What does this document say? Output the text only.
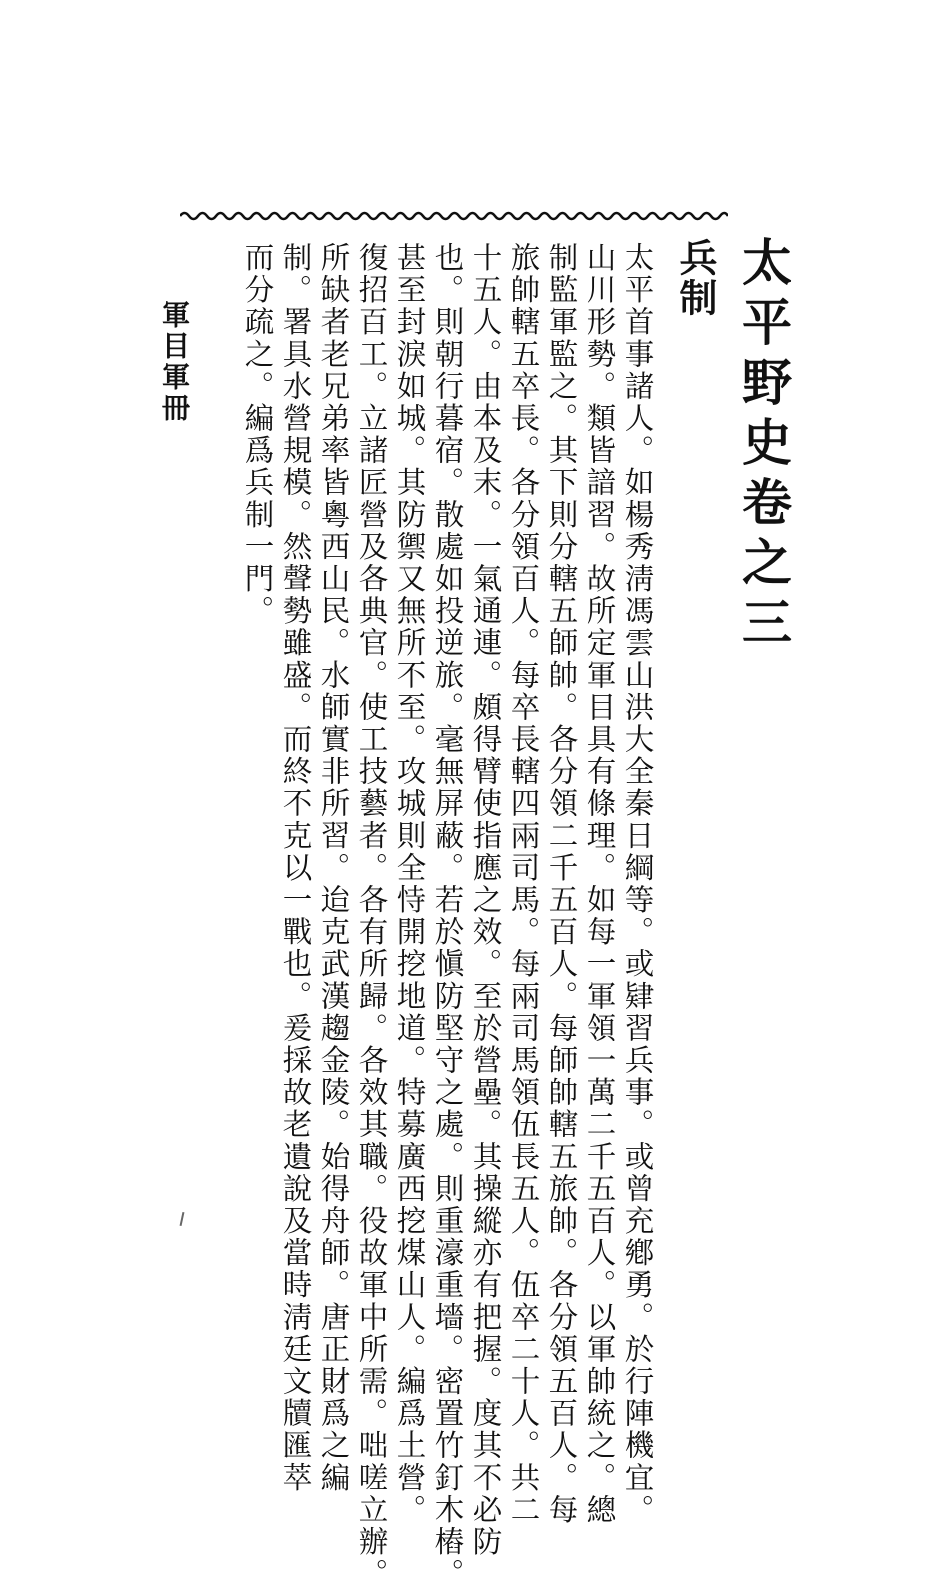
太平野史卷之三
兵制
太平首事諸人。如楊秀淸馮雲山洪大全秦日綱等。或肄習兵事。或曾充鄕勇。於行陣機宜。
山川形勢。類皆諳習。故所定軍目具有條理。如每一軍領一萬二千五百人。以軍帥統之。總
制監軍監之。其下則分轄五師帥。各分領二千五百人。每師帥轄五旅帥。各分領五百人。每
旅帥轄五卒長。各分領百人。每卒長轄四兩司馬。每兩司馬領伍長五人。伍卒二十人。共二
十五人。由本及末。一氣通連。頗得臂使指應之效。至於營壘。其操縱亦有把握。度其不必防
也。則朝行暮宿。散處如投逆旅。毫無屏蔽。若於愼防堅守之處。則重濠重墻。密置竹釘木樁。
甚至封淚如城。其防禦又無所不至。攻城則全恃開挖地道。特募廣西挖煤山人。編爲土營。
復招百工。立諸匠營及各典官。使工技藝者。各有所歸。各效其職。役故軍中所需。咄嗟立辦。
所缺者老兄弟率皆粵西山民。水師實非所習。迨克武漢趨金陵。始得舟師。唐正財爲之編
制。署具水營規模。然聲勢雖盛。而終不克以一戰也。爰採故老遺說及當時淸廷文牘匯萃
而分疏之。編爲兵制一門。
軍目軍冊
